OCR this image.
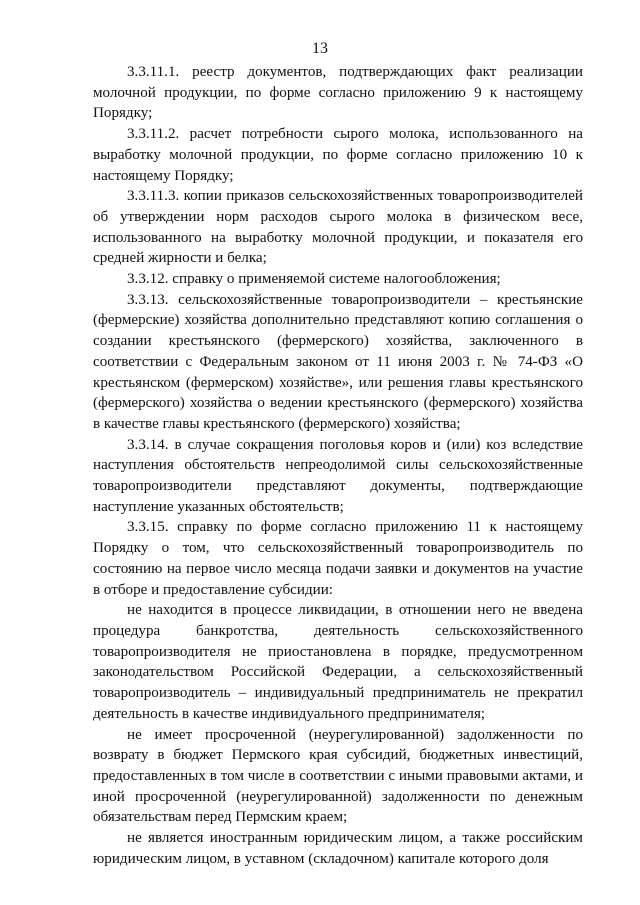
13

3.3.11.1. реестр документов, подтверждающих факт реализации молочной продукции, по форме согласно приложению 9 к настоящему Порядку;

3.3.11.2. расчет потребности сырого молока, использованного на выработку молочной продукции, по форме согласно приложению 10 к настоящему Порядку;

3.3.11.3. копии приказов сельскохозяйственных товаропроизводителей об утверждении норм расходов сырого молока в физическом весе, использованного на выработку молочной продукции, и показателя его средней жирности и белка;

3.3.12. справку о применяемой системе налогообложения;

3.3.13. сельскохозяйственные товаропроизводители – крестьянские (фермерские) хозяйства дополнительно представляют копию соглашения о создании крестьянского (фермерского) хозяйства, заключенного в соответствии с Федеральным законом от 11 июня 2003 г. № 74-ФЗ «О крестьянском (фермерском) хозяйстве», или решения главы крестьянского (фермерского) хозяйства о ведении крестьянского (фермерского) хозяйства в качестве главы крестьянского (фермерского) хозяйства;

3.3.14. в случае сокращения поголовья коров и (или) коз вследствие наступления обстоятельств непреодолимой силы сельскохозяйственные товаропроизводители представляют документы, подтверждающие наступление указанных обстоятельств;

3.3.15. справку по форме согласно приложению 11 к настоящему Порядку о том, что сельскохозяйственный товаропроизводитель по состоянию на первое число месяца подачи заявки и документов на участие в отборе и предоставление субсидии:

не находится в процессе ликвидации, в отношении него не введена процедура банкротства, деятельность сельскохозяйственного товаропроизводителя не приостановлена в порядке, предусмотренном законодательством Российской Федерации, а сельскохозяйственный товаропроизводитель – индивидуальный предприниматель не прекратил деятельность в качестве индивидуального предпринимателя;

не имеет просроченной (неурегулированной) задолженности по возврату в бюджет Пермского края субсидий, бюджетных инвестиций, предоставленных в том числе в соответствии с иными правовыми актами, и иной просроченной (неурегулированной) задолженности по денежным обязательствам перед Пермским краем;

не является иностранным юридическим лицом, а также российским юридическим лицом, в уставном (складочном) капитале которого доля
